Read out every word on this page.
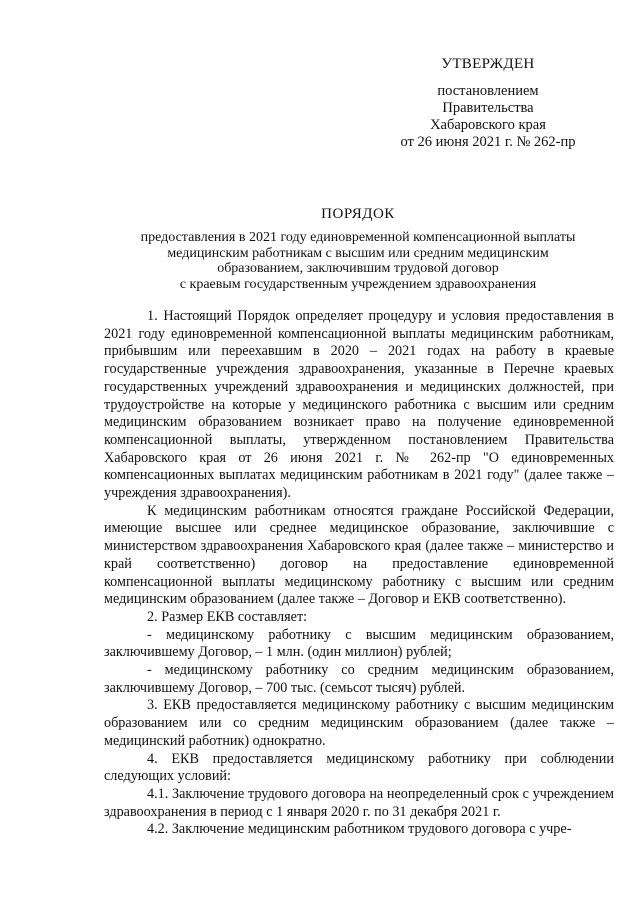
УТВЕРЖДЕН
постановлением
Правительства
Хабаровского края
от 26 июня 2021 г. № 262-пр
ПОРЯДОК
предоставления в 2021 году единовременной компенсационной выплаты
медицинским работникам с высшим или средним медицинским
образованием, заключившим трудовой договор
с краевым государственным учреждением здравоохранения

1. Настоящий Порядок определяет процедуру и условия предоставления в 2021 году единовременной компенсационной выплаты медицинским работникам, прибывшим или переехавшим в 2020 – 2021 годах на работу в краевые государственные учреждения здравоохранения, указанные в Перечне краевых государственных учреждений здравоохранения и медицинских должностей, при трудоустройстве на которые у медицинского работника с высшим или средним медицинским образованием возникает право на получение единовременной компенсационной выплаты, утвержденном постановлением Правительства Хабаровского края от 26 июня 2021 г. № 262-пр "О единовременных компенсационных выплатах медицинским работникам в 2021 году" (далее также – учреждения здравоохранения).

К медицинским работникам относятся граждане Российской Федерации, имеющие высшее или среднее медицинское образование, заключившие с министерством здравоохранения Хабаровского края (далее также – министерство и край соответственно) договор на предоставление единовременной компенсационной выплаты медицинскому работнику с высшим или средним медицинским образованием (далее также – Договор и ЕКВ соответственно).

2. Размер ЕКВ составляет:

- медицинскому работнику с высшим медицинским образованием, заключившему Договор, – 1 млн. (один миллион) рублей;

- медицинскому работнику со средним медицинским образованием, заключившему Договор, – 700 тыс. (семьсот тысяч) рублей.

3. ЕКВ предоставляется медицинскому работнику с высшим медицинским образованием или со средним медицинским образованием (далее также – медицинский работник) однократно.

4. ЕКВ предоставляется медицинскому работнику при соблюдении следующих условий:

4.1. Заключение трудового договора на неопределенный срок с учреждением здравоохранения в период с 1 января 2020 г. по 31 декабря 2021 г.

4.2. Заключение медицинским работником трудового договора с учре-
